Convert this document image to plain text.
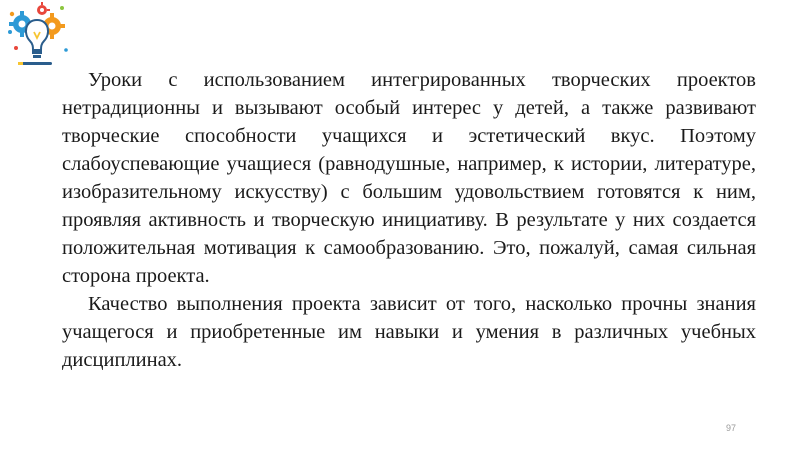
Уроки с использованием интегрированных творческих проектов нетрадиционны и вызывают особый интерес у детей, а также развивают творческие способности учащихся и эстетический вкус. Поэтому слабоуспевающие учащиеся (равнодушные, например, к истории, литературе, изобразительному искусству) с большим удовольствием готовятся к ним, проявляя активность и творческую инициативу. В результате у них создается положительная мотивация к самообразованию. Это, пожалуй, самая сильная сторона проекта.

Качество выполнения проекта зависит от того, насколько прочны знания учащегося и приобретенные им навыки и умения в различных учебных дисциплинах.

97
